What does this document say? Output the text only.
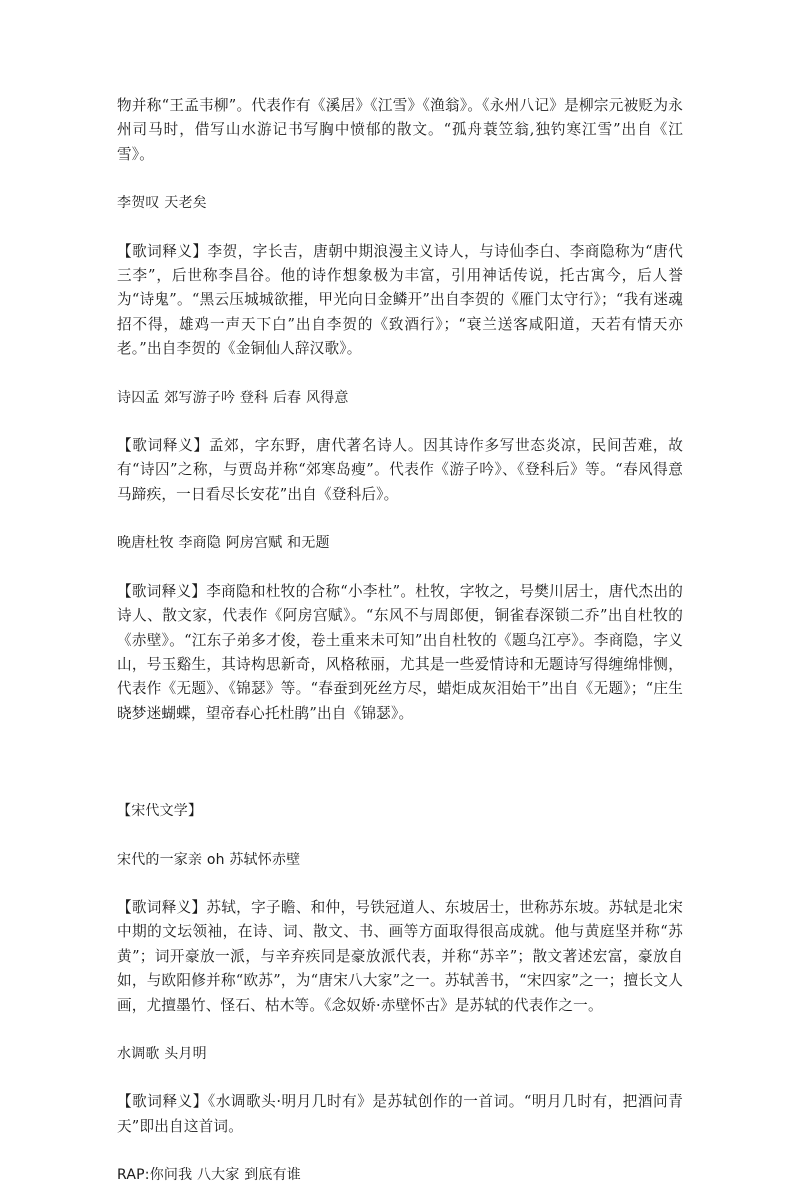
物并称“王孟韦柳”。代表作有《溪居》《江雪》《渔翁》。《永州八记》是柳宗元被贬为永州司马时，借写山水游记书写胸中愤郁的散文。“孤舟蓑笠翁,独钓寒江雪”出自《江雪》。

李贺叹 天老矣

【歌词释义】李贺，字长吉，唐朝中期浪漫主义诗人，与诗仙李白、李商隐称为“唐代三李”，后世称李昌谷。他的诗作想象极为丰富，引用神话传说，托古寓今，后人誉为“诗鬼”。“黑云压城城欲摧，甲光向日金鳞开”出自李贺的《雁门太守行》；“我有迷魂招不得，雄鸡一声天下白”出自李贺的《致酒行》；“衰兰送客咸阳道，天若有情天亦老。”出自李贺的《金铜仙人辞汉歌》。

诗囚孟 郊写游子吟 登科 后春 风得意

【歌词释义】孟郊，字东野，唐代著名诗人。因其诗作多写世态炎凉，民间苦难，故有“诗囚”之称，与贾岛并称“郊寒岛瘦”。代表作《游子吟》、《登科后》等。“春风得意马蹄疾，一日看尽长安花”出自《登科后》。

晚唐杜牧 李商隐 阿房宫赋 和无题

【歌词释义】李商隐和杜牧的合称“小李杜”。杜牧，字牧之，号樊川居士，唐代杰出的诗人、散文家，代表作《阿房宫赋》。“东风不与周郎便，铜雀春深锁二乔”出自杜牧的《赤壁》。“江东子弟多才俊，卷土重来未可知”出自杜牧的《题乌江亭》。李商隐，字义山，号玉谿生，其诗构思新奇，风格秾丽，尤其是一些爱情诗和无题诗写得缠绵悱恻，代表作《无题》、《锦瑟》等。“春蚕到死丝方尽，蜡炬成灰泪始干”出自《无题》；“庄生晓梦迷蝴蝶，望帝春心托杜鹃”出自《锦瑟》。

【宋代文学】

宋代的一家亲 oh 苏轼怀赤壁

【歌词释义】苏轼，字子瞻、和仲，号铁冠道人、东坡居士，世称苏东坡。苏轼是北宋中期的文坛领袖，在诗、词、散文、书、画等方面取得很高成就。他与黄庭坚并称“苏黄”；词开豪放一派，与辛弃疾同是豪放派代表，并称“苏辛”；散文著述宏富，豪放自如，与欧阳修并称“欧苏”，为“唐宋八大家”之一。苏轼善书，“宋四家”之一；擅长文人画，尤擅墨竹、怪石、枯木等。《念奴娇·赤壁怀古》是苏轼的代表作之一。

水调歌 头月明

【歌词释义】《水调歌头·明月几时有》是苏轼创作的一首词。“明月几时有，把酒问青天”即出自这首词。

RAP:你问我 八大家 到底有谁
